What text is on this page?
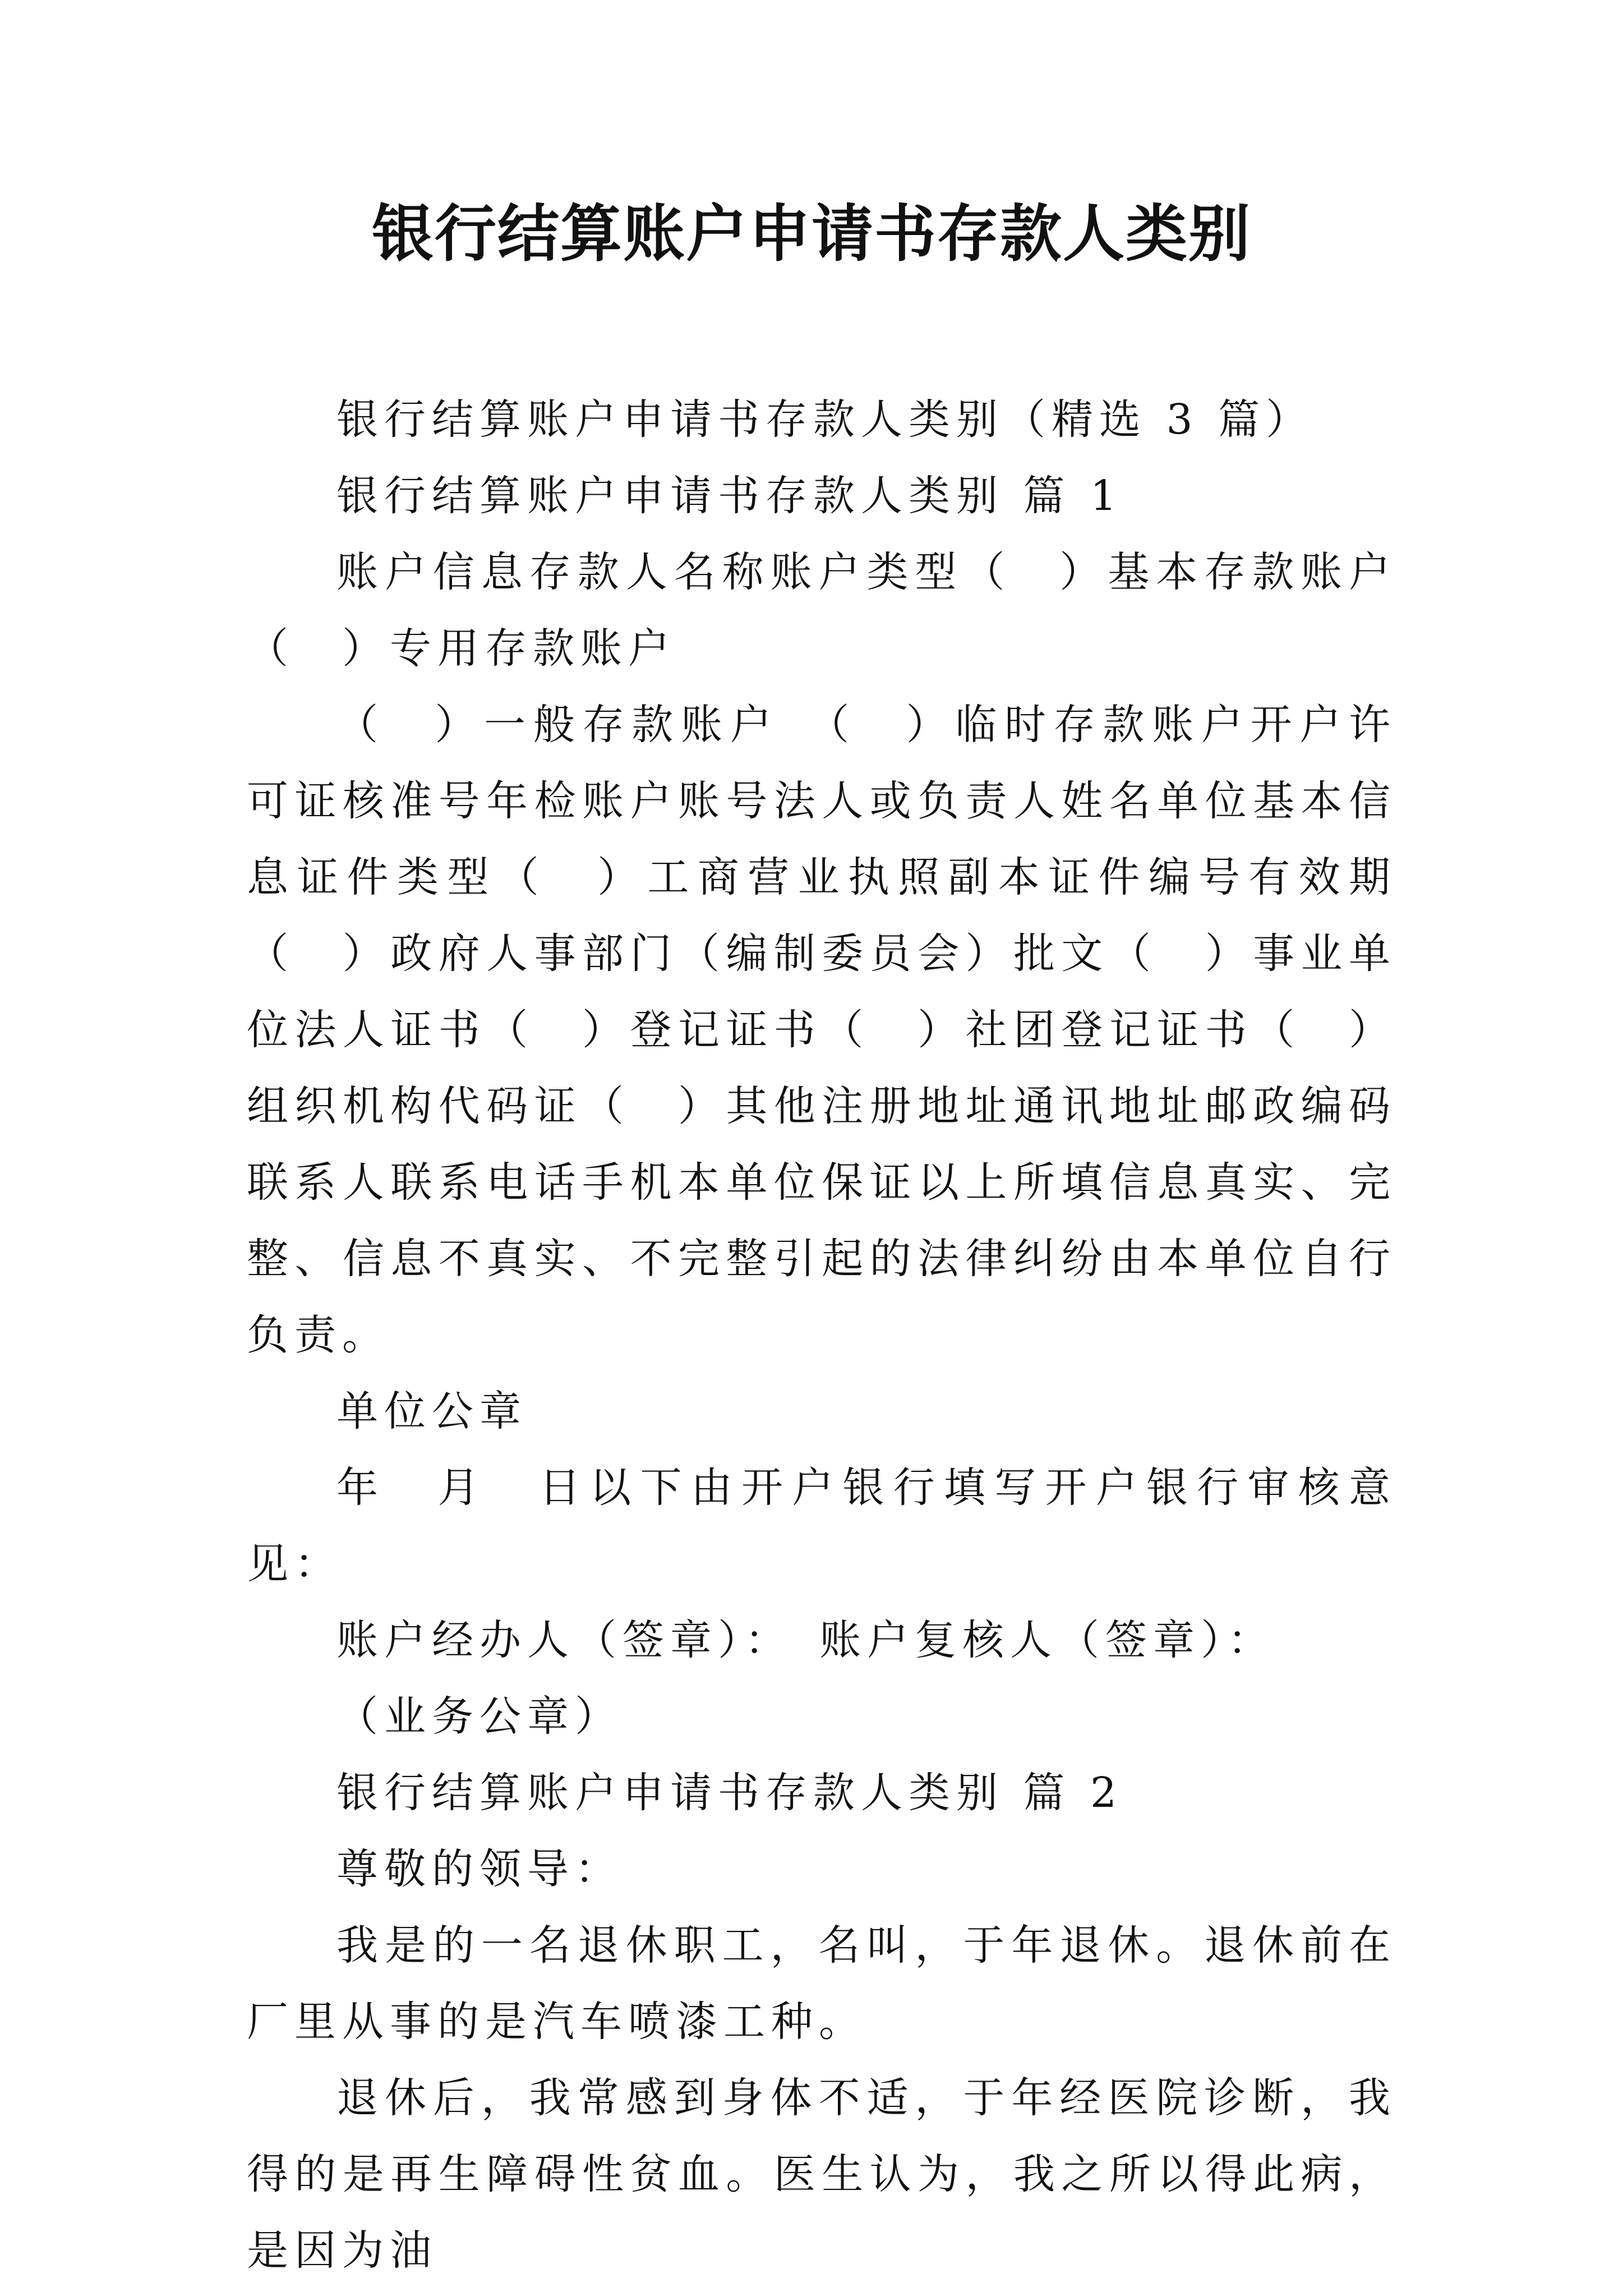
银行结算账户申请书存款人类别

银行结算账户申请书存款人类别（精选 3 篇）

银行结算账户申请书存款人类别 篇 1

账户信息存款人名称账户类型（　）基本存款账户（　）专用存款账户

（　）一般存款账户　（　）临时存款账户开户许可证核准号年检账户账号法人或负责人姓名单位基本信息证件类型（　）工商营业执照副本证件编号有效期（　）政府人事部门（编制委员会）批文（　）事业单位法人证书（　）登记证书（　）社团登记证书（　）组织机构代码证（　）其他注册地址通讯地址邮政编码联系人联系电话手机本单位保证以上所填信息真实、完整、信息不真实、不完整引起的法律纠纷由本单位自行负责。

单位公章

年　月　日以下由开户银行填写开户银行审核意见：

账户经办人（签章）：　账户复核人（签章）：

（业务公章）

银行结算账户申请书存款人类别 篇 2

尊敬的领导：

我是的一名退休职工，名叫，于年退休。退休前在厂里从事的是汽车喷漆工种。

退休后，我常感到身体不适，于年经医院诊断，我得的是再生障碍性贫血。医生认为，我之所以得此病，是因为油
